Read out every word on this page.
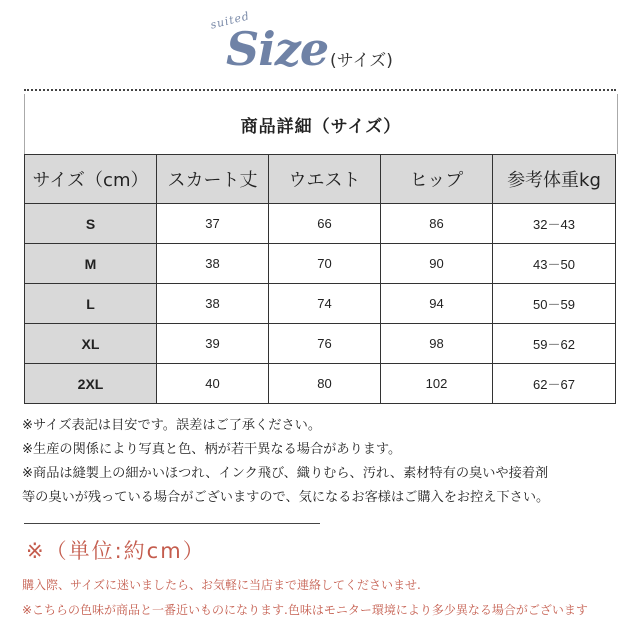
suited
Size (サイズ)
商品詳細（サイズ）
サイズ（cm）	スカート丈	ウエスト	ヒップ	参考体重kg
S	37	66	86	32－43
M	38	70	90	43－50
L	38	74	94	50－59
XL	39	76	98	59－62
2XL	40	80	102	62－67

※サイズ表記は目安です。誤差はご了承ください。

※生産の関係により写真と色、柄が若干異なる場合があります。

※商品は縫製上の細かいほつれ、インク飛び、織りむら、汚れ、素材特有の臭いや接着剤

等の臭いが残っている場合がございますので、気になるお客様はご購入をお控え下さい。

※（単位:約cm）
購入際、サイズに迷いましたら、お気軽に当店まで連絡してくださいませ.
※こちらの色味が商品と一番近いものになります.色味はモニター環境により多少異なる場合がございます
